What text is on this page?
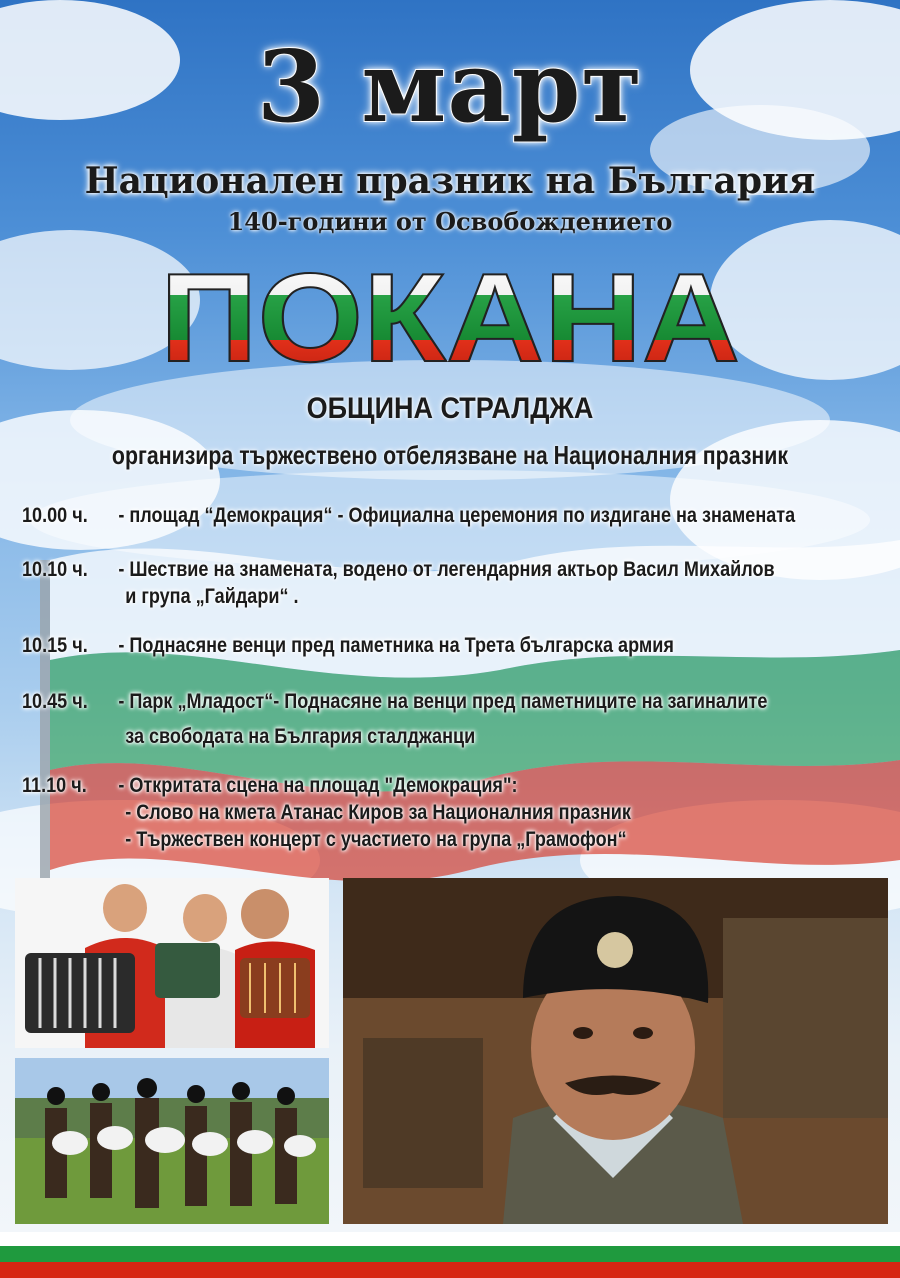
3 март
Национален празник на България
140-години от Освобождението
ПОКАНА
ОБЩИНА СТРАЛДЖА
организира тържествено отбелязване на Националния празник
10.00 ч. - площад “Демокрация“ - Официална церемония по издигане на знамената
10.10 ч. - Шествие на знамената, водено от легендарния актьор Васил Михайлов
и група „Гайдари“ .
10.15 ч. - Поднасяне венци пред паметника на Трета българска армия
10.45 ч. - Парк „Младост“- Поднасяне на венци пред паметниците на загиналите
за свободата на България сталджанци
11.10 ч. - Откритата сцена на площад "Демокрация":
- Слово на кмета Атанас Киров за Националния празник
- Тържествен концерт с участието на група „Грамофон“
